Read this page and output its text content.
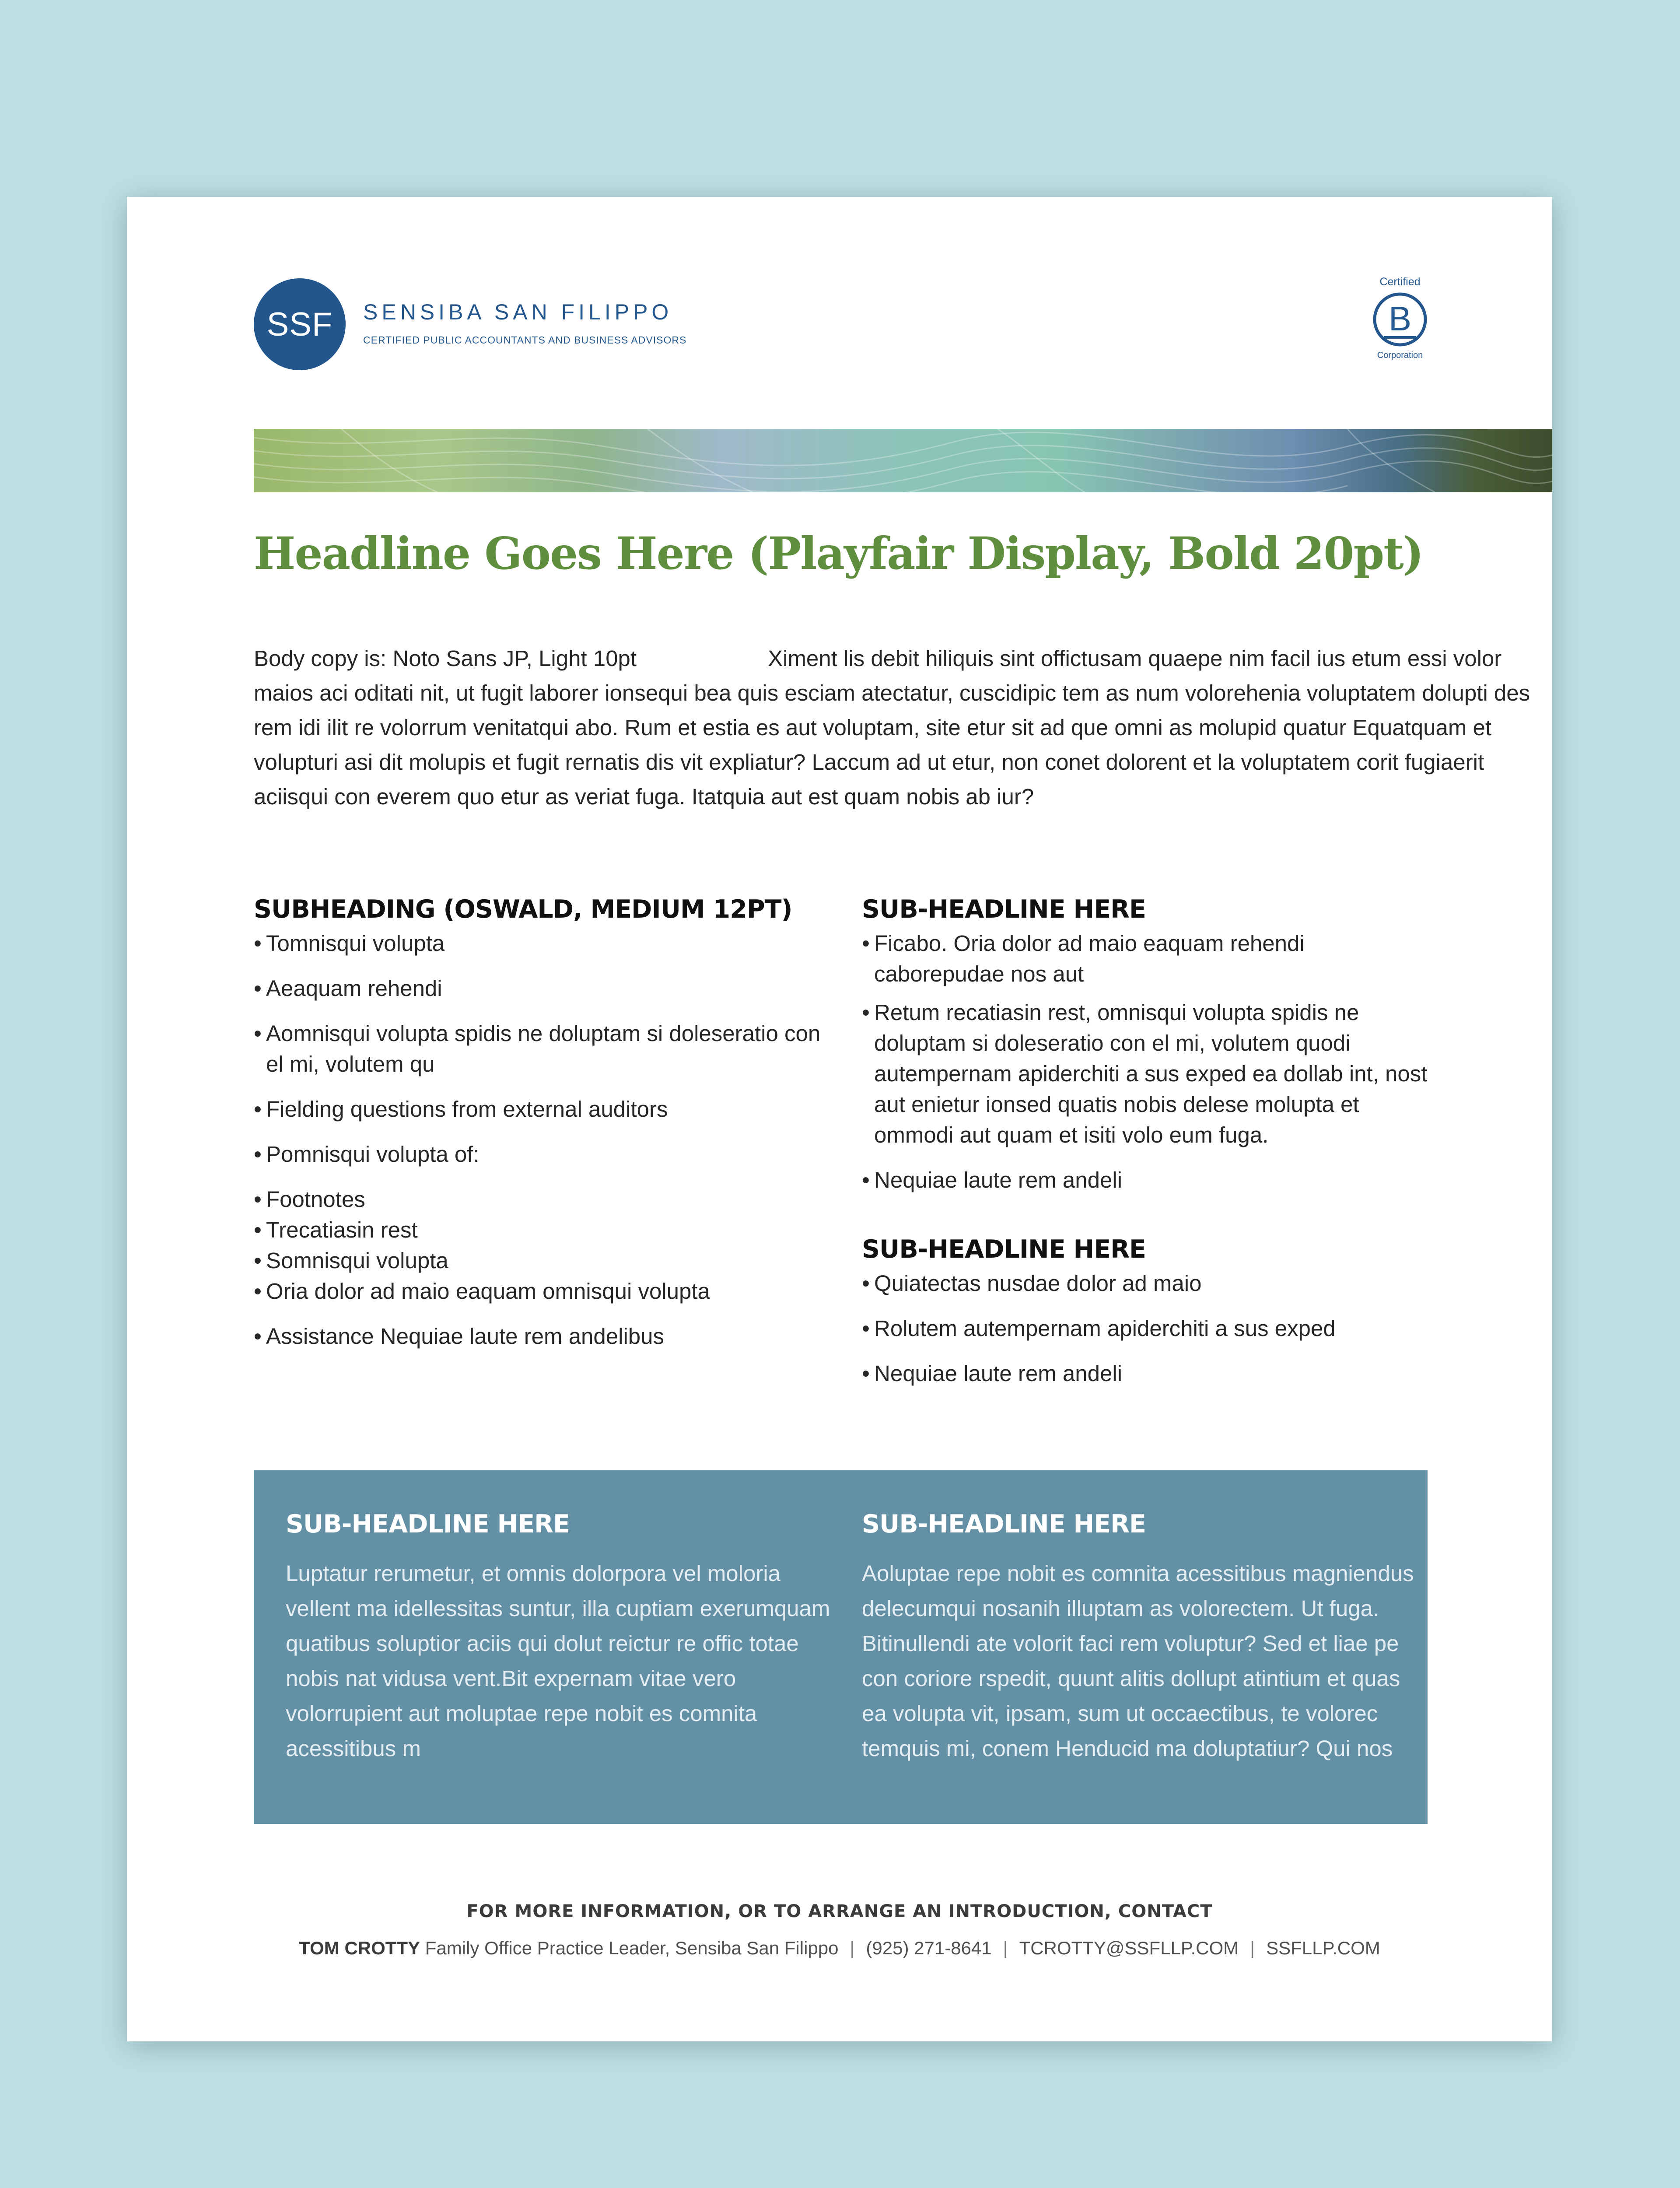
SSF	SENSIBA SAN FILIPPO
CERTIFIED PUBLIC ACCOUNTANTS AND BUSINESS ADVISORS
Certified
B
Corporation
Headline Goes Here (Playfair Display, Bold 20pt)
Body copy is: Noto Sans JP, Light 10pt	Ximent lis debit hiliquis sint offictusam quaepe nim facil ius etum essi volor maios aci oditati nit, ut fugit laborer ionsequi bea quis esciam atectatur, cuscidipic tem as num volorehenia voluptatem dolupti des rem idi ilit re volorrum venitatqui abo. Rum et estia es aut voluptam, site etur sit ad que omni as molupid quatur Equatquam et volupturi asi dit molupis et fugit rernatis dis vit expliatur? Laccum ad ut etur, non conet dolorent et la voluptatem corit fugiaerit aciisqui con everem quo etur as veriat fuga. Itatquia aut est quam nobis ab iur?
SUBHEADING (OSWALD, MEDIUM 12PT)
• Tomnisqui volupta
• Aeaquam rehendi
• Aomnisqui volupta spidis ne doluptam si doleseratio con el mi, volutem qu
• Fielding questions from external auditors
• Pomnisqui volupta of:
• Footnotes
• Trecatiasin rest
• Somnisqui volupta
• Oria dolor ad maio eaquam omnisqui volupta
• Assistance Nequiae laute rem andelibus
SUB-HEADLINE HERE
• Ficabo. Oria dolor ad maio eaquam rehendi caborepudae nos aut
• Retum recatiasin rest, omnisqui volupta spidis ne doluptam si doleseratio con el mi, volutem quodi autempernam apiderchiti a sus exped ea dollab int, nost aut enietur ionsed quatis nobis delese molupta et ommodi aut quam et isiti volo eum fuga.
• Nequiae laute rem andeli
SUB-HEADLINE HERE
• Quiatectas nusdae dolor ad maio
• Rolutem autempernam apiderchiti a sus exped
• Nequiae laute rem andeli
SUB-HEADLINE HERE
Luptatur rerumetur, et omnis dolorpora vel moloria vellent ma idellessitas suntur, illa cuptiam exerumquam quatibus soluptior aciis qui dolut reictur re offic totae nobis nat vidusa vent.Bit expernam vitae vero volorrupient aut moluptae repe nobit es comnita acessitibus m
SUB-HEADLINE HERE
Aoluptae repe nobit es comnita acessitibus magniendus delecumqui nosanih illuptam as volorectem. Ut fuga. Bitinullendi ate volorit faci rem voluptur? Sed et liae pe con coriore rspedit, quunt alitis dollupt atintium et quas ea volupta vit, ipsam, sum ut occaectibus, te volorec temquis mi, conem Henducid ma doluptatiur? Qui nos
FOR MORE INFORMATION, OR TO ARRANGE AN INTRODUCTION, CONTACT
TOM CROTTY Family Office Practice Leader, Sensiba San Filippo | (925) 271-8641 | TCROTTY@SSFLLP.COM | SSFLLP.COM
